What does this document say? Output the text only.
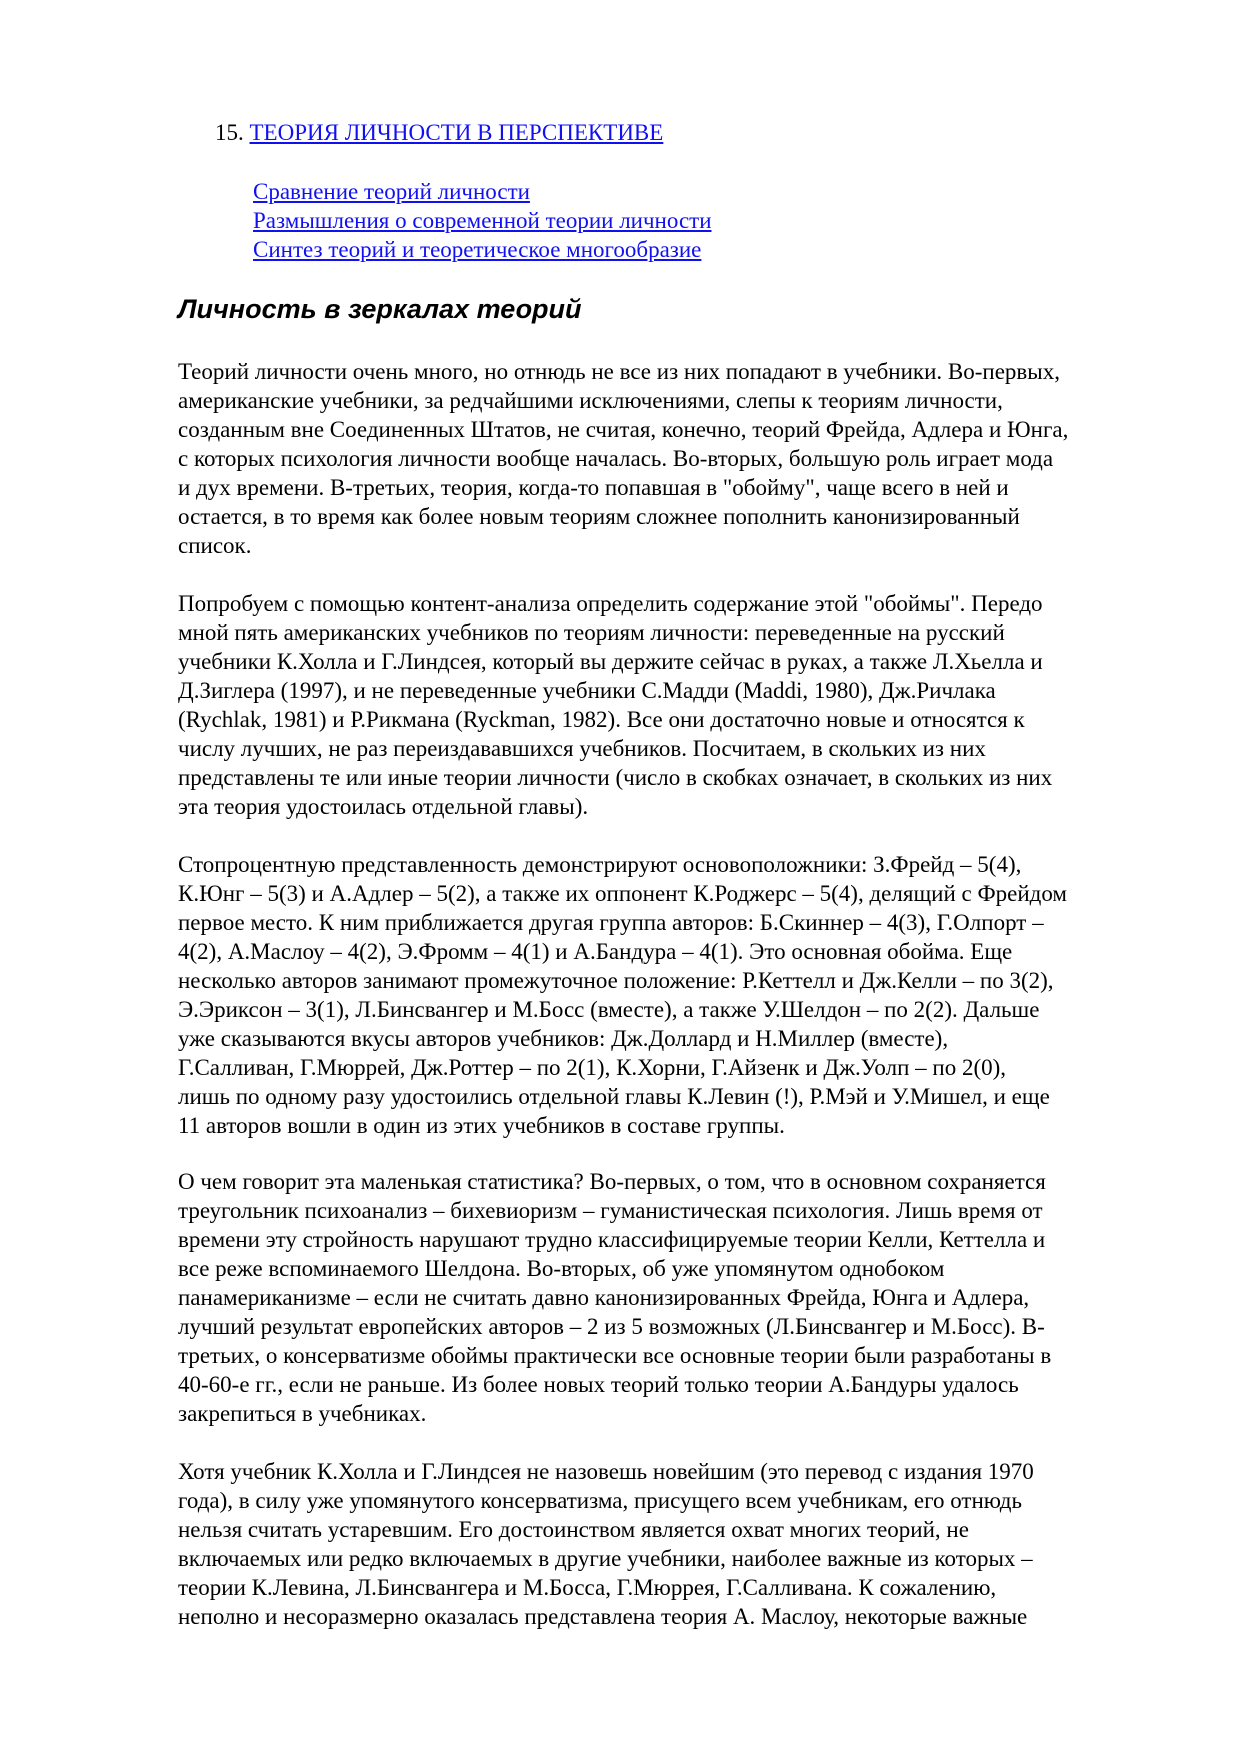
15. ТЕОРИЯ ЛИЧНОСТИ В ПЕРСПЕКТИВЕ
Сравнение теорий личности
Размышления о современной теории личности
Синтез теорий и теоретическое многообразие
Личность в зеркалах теорий
Теорий личности очень много, но отнюдь не все из них попадают в учебники. Во-первых,
американские учебники, за редчайшими исключениями, слепы к теориям личности,
созданным вне Соединенных Штатов, не считая, конечно, теорий Фрейда, Адлера и Юнга,
с которых психология личности вообще началась. Во-вторых, большую роль играет мода
и дух времени. В-третьих, теория, когда-то попавшая в "обойму", чаще всего в ней и
остается, в то время как более новым теориям сложнее пополнить канонизированный
список.
Попробуем с помощью контент-анализа определить содержание этой "обоймы". Передо
мной пять американских учебников по теориям личности: переведенные на русский
учебники К.Холла и Г.Линдсея, который вы держите сейчас в руках, а также Л.Хьелла и
Д.Зиглера (1997), и не переведенные учебники С.Мадди (Maddi, 1980), Дж.Ричлака
(Rychlak, 1981) и Р.Рикмана (Ryckman, 1982). Все они достаточно новые и относятся к
числу лучших, не раз переиздававшихся учебников. Посчитаем, в скольких из них
представлены те или иные теории личности (число в скобках означает, в скольких из них
эта теория удостоилась отдельной главы).
Стопроцентную представленность демонстрируют основоположники: З.Фрейд – 5(4),
К.Юнг – 5(3) и А.Адлер – 5(2), а также их оппонент К.Роджерс – 5(4), делящий с Фрейдом
первое место. К ним приближается другая группа авторов: Б.Скиннер – 4(3), Г.Олпорт –
4(2), А.Маслоу – 4(2), Э.Фромм – 4(1) и А.Бандура – 4(1). Это основная обойма. Еще
несколько авторов занимают промежуточное положение: Р.Кеттелл и Дж.Келли – по 3(2),
Э.Эриксон – 3(1), Л.Бинсвангер и М.Босс (вместе), а также У.Шелдон – по 2(2). Дальше
уже сказываются вкусы авторов учебников: Дж.Доллард и Н.Миллер (вместе),
Г.Салливан, Г.Мюррей, Дж.Роттер – по 2(1), К.Хорни, Г.Айзенк и Дж.Уолп – по 2(0),
лишь по одному разу удостоились отдельной главы К.Левин (!), Р.Мэй и У.Мишел, и еще
11 авторов вошли в один из этих учебников в составе группы.
О чем говорит эта маленькая статистика? Во-первых, о том, что в основном сохраняется
треугольник психоанализ – бихевиоризм – гуманистическая психология. Лишь время от
времени эту стройность нарушают трудно классифицируемые теории Келли, Кеттелла и
все реже вспоминаемого Шелдона. Во-вторых, об уже упомянутом однобоком
панамериканизме – если не считать давно канонизированных Фрейда, Юнга и Адлера,
лучший результат европейских авторов – 2 из 5 возможных (Л.Бинсвангер и М.Босс). В-
третьих, о консерватизме обоймы практически все основные теории были разработаны в
40-60-е гг., если не раньше. Из более новых теорий только теории А.Бандуры удалось
закрепиться в учебниках.
Хотя учебник К.Холла и Г.Линдсея не назовешь новейшим (это перевод с издания 1970
года), в силу уже упомянутого консерватизма, присущего всем учебникам, его отнюдь
нельзя считать устаревшим. Его достоинством является охват многих теорий, не
включаемых или редко включаемых в другие учебники, наиболее важные из которых –
теории К.Левина, Л.Бинсвангера и М.Босса, Г.Мюррея, Г.Салливана. К сожалению,
неполно и несоразмерно оказалась представлена теория А. Маслоу, некоторые важные
